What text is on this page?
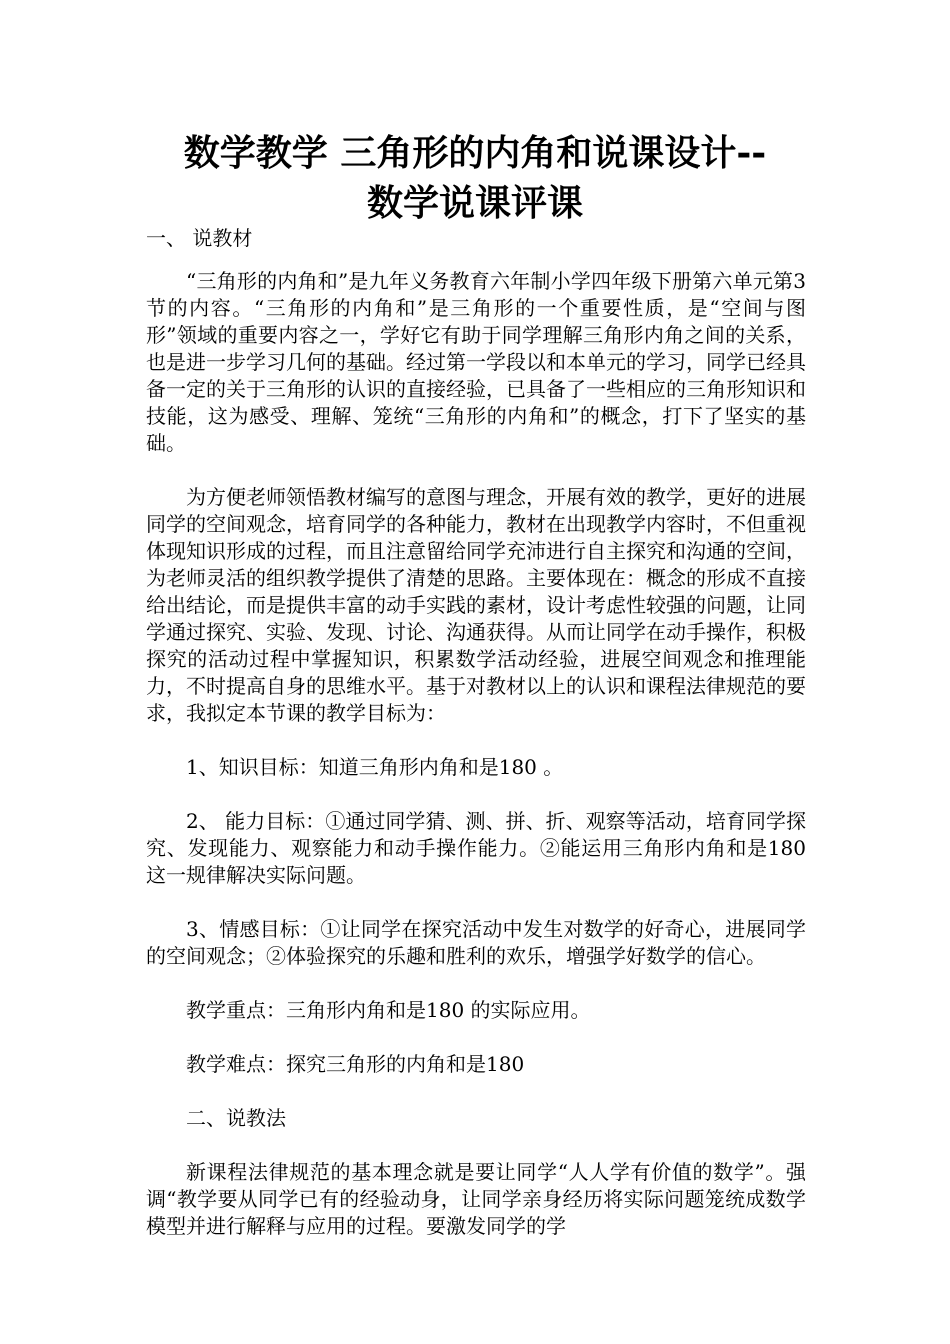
数学教学 三角形的内角和说课设计--
数学说课评课

一、 说教材

“三角形的内角和”是九年义务教育六年制小学四年级下册第六单元第3节的内容。“三角形的内角和”是三角形的一个重要性质，是“空间与图形”领域的重要内容之一，学好它有助于同学理解三角形内角之间的关系，也是进一步学习几何的基础。经过第一学段以和本单元的学习，同学已经具备一定的关于三角形的认识的直接经验，已具备了一些相应的三角形知识和技能，这为感受、理解、笼统“三角形的内角和”的概念，打下了坚实的基础。

为方便老师领悟教材编写的意图与理念，开展有效的教学，更好的进展同学的空间观念，培育同学的各种能力，教材在出现教学内容时，不但重视体现知识形成的过程，而且注意留给同学充沛进行自主探究和沟通的空间，为老师灵活的组织教学提供了清楚的思路。主要体现在：概念的形成不直接给出结论，而是提供丰富的动手实践的素材，设计考虑性较强的问题，让同学通过探究、实验、发现、讨论、沟通获得。从而让同学在动手操作，积极探究的活动过程中掌握知识，积累数学活动经验，进展空间观念和推理能力，不时提高自身的思维水平。基于对教材以上的认识和课程法律规范的要求，我拟定本节课的教学目标为：

1、知识目标：知道三角形内角和是180 。

2、 能力目标：①通过同学猜、测、拼、折、观察等活动，培育同学探究、发现能力、观察能力和动手操作能力。②能运用三角形内角和是180 这一规律解决实际问题。

3、情感目标：①让同学在探究活动中发生对数学的好奇心，进展同学的空间观念；②体验探究的乐趣和胜利的欢乐，增强学好数学的信心。

教学重点：三角形内角和是180 的实际应用。

教学难点：探究三角形的内角和是180

二、说教法

新课程法律规范的基本理念就是要让同学“人人学有价值的数学”。强调“教学要从同学已有的经验动身，让同学亲身经历将实际问题笼统成数学模型并进行解释与应用的过程。要激发同学的学
